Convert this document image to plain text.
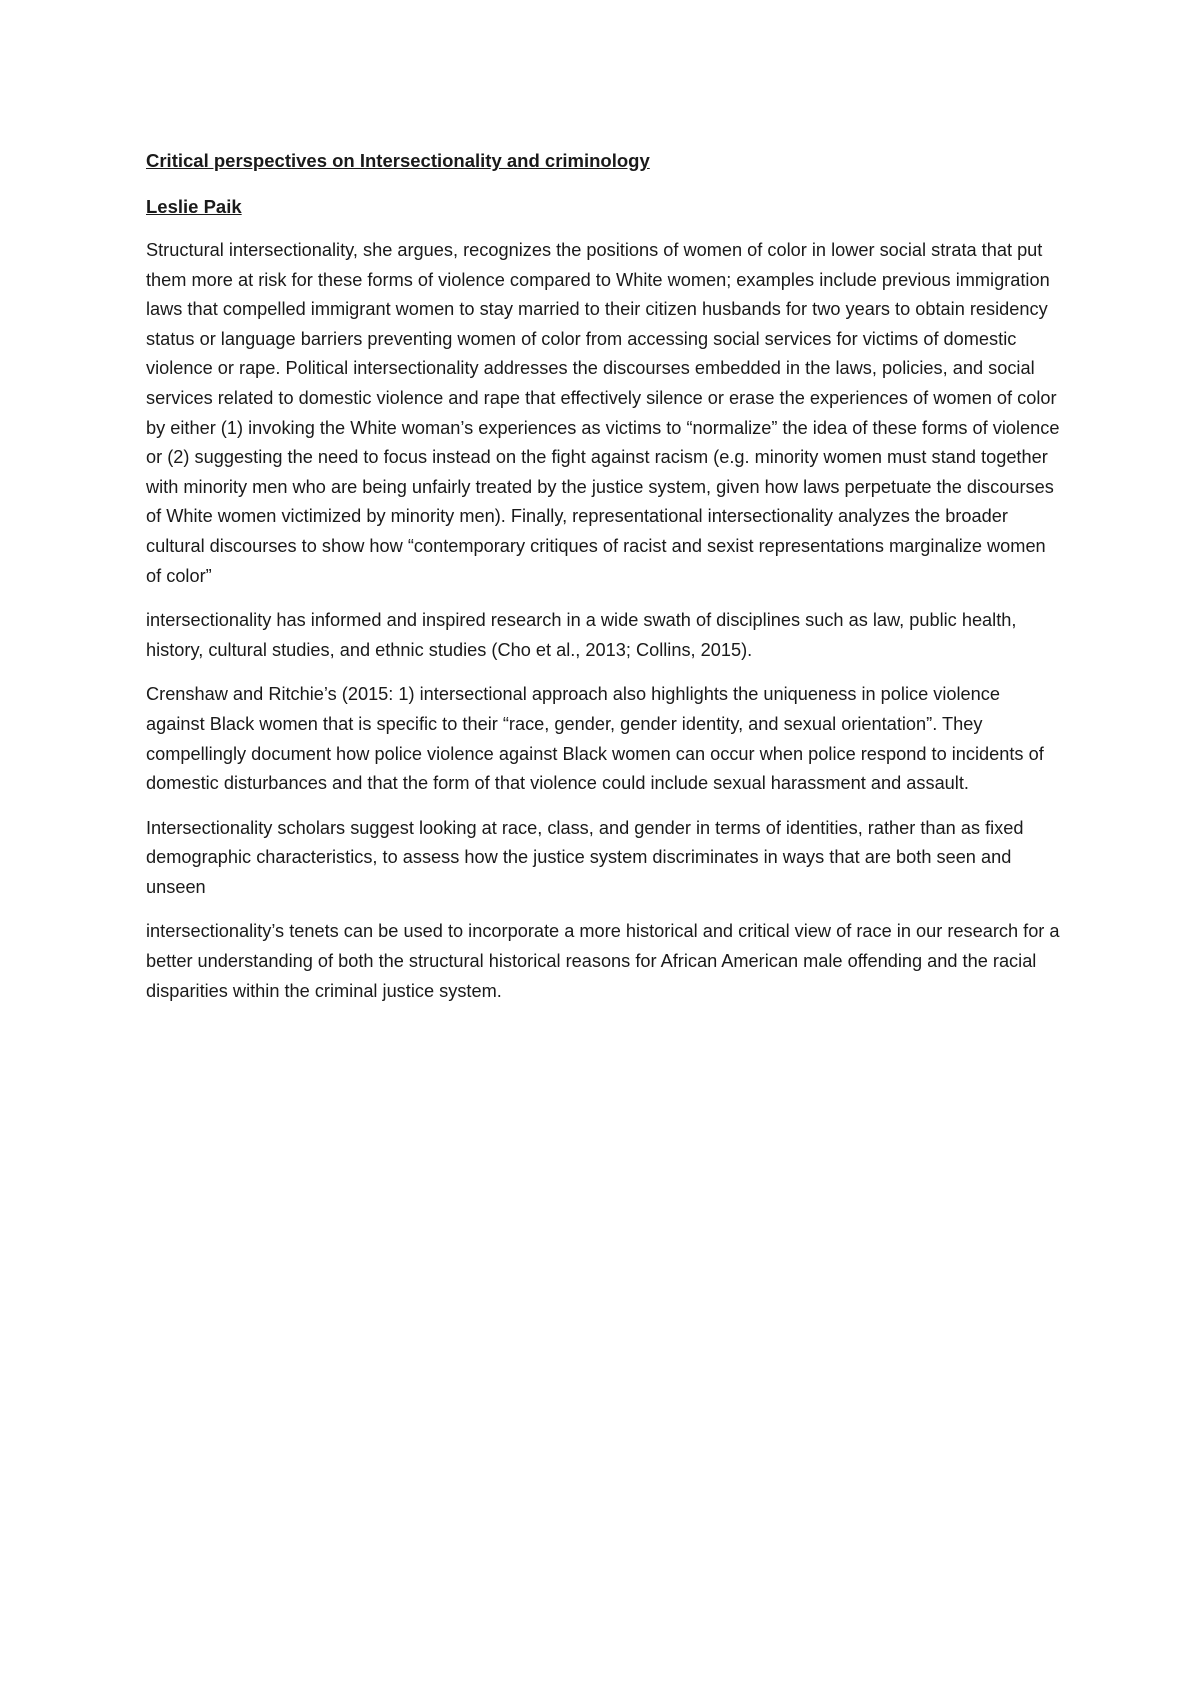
Critical perspectives on Intersectionality and criminology
Leslie Paik

Structural intersectionality, she argues, recognizes the positions of women of color in lower social strata that put them more at risk for these forms of violence compared to White women; examples include previous immigration laws that compelled immigrant women to stay married to their citizen husbands for two years to obtain residency status or language barriers preventing women of color from accessing social services for victims of domestic violence or rape. Political intersectionality addresses the discourses embedded in the laws, policies, and social services related to domestic violence and rape that effectively silence or erase the experiences of women of color by either (1) invoking the White woman’s experiences as victims to “normalize” the idea of these forms of violence or (2) suggesting the need to focus instead on the fight against racism (e.g. minority women must stand together with minority men who are being unfairly treated by the justice system, given how laws perpetuate the discourses of White women victimized by minority men). Finally, representational intersectionality analyzes the broader cultural discourses to show how “contemporary critiques of racist and sexist representations marginalize women of color”

intersectionality has informed and inspired research in a wide swath of disciplines such as law, public health, history, cultural studies, and ethnic studies (Cho et al., 2013; Collins, 2015).

Crenshaw and Ritchie’s (2015: 1) intersectional approach also highlights the uniqueness in police violence against Black women that is specific to their “race, gender, gender identity, and sexual orientation”. They compellingly document how police violence against Black women can occur when police respond to incidents of domestic disturbances and that the form of that violence could include sexual harassment and assault.

Intersectionality scholars suggest looking at race, class, and gender in terms of identities, rather than as fixed demographic characteristics, to assess how the justice system discriminates in ways that are both seen and unseen

intersectionality’s tenets can be used to incorporate a more historical and critical view of race in our research for a better understanding of both the structural historical reasons for African American male offending and the racial disparities within the criminal justice system.
